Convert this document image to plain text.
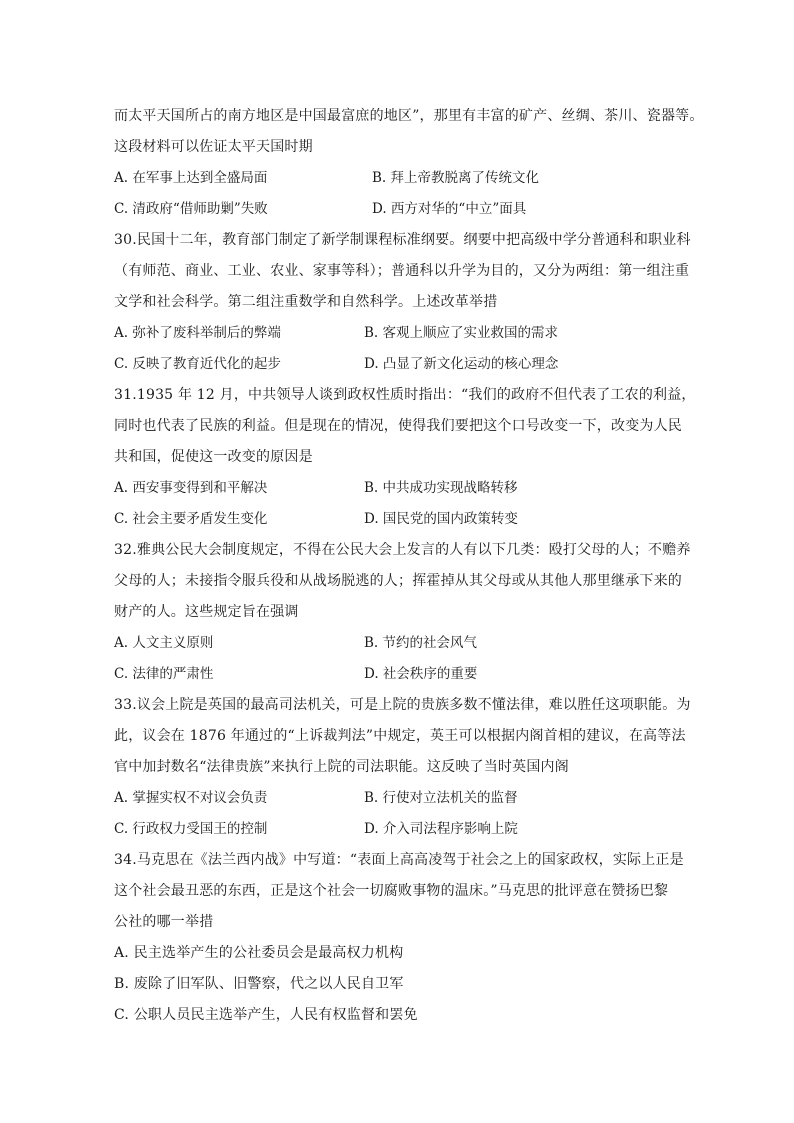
而太平天国所占的南方地区是中国最富庶的地区”，那里有丰富的矿产、丝绸、茶川、瓷器等。
这段材料可以佐证太平天国时期
A. 在军事上达到全盛局面	B. 拜上帝教脱离了传统文化
C. 清政府“借师助剿”失败	D. 西方对华的“中立”面具
30.民国十二年，教育部门制定了新学制课程标准纲要。纲要中把高级中学分普通科和职业科
（有师范、商业、工业、农业、家事等科）；普通科以升学为目的，又分为两组：第一组注重
文学和社会科学。第二组注重数学和自然科学。上述改革举措
A. 弥补了废科举制后的弊端	B. 客观上顺应了实业救国的需求
C. 反映了教育近代化的起步	D. 凸显了新文化运动的核心理念
31.1935 年 12 月，中共领导人谈到政权性质时指出：“我们的政府不但代表了工农的利益，
同时也代表了民族的利益。但是现在的情况，使得我们要把这个口号改变一下，改变为人民
共和国，促使这一改变的原因是
A. 西安事变得到和平解决	B. 中共成功实现战略转移
C. 社会主要矛盾发生变化	D. 国民党的国内政策转变
32.雅典公民大会制度规定，不得在公民大会上发言的人有以下几类：殴打父母的人；不赡养
父母的人；未接指令服兵役和从战场脱逃的人；挥霍掉从其父母或从其他人那里继承下来的
财产的人。这些规定旨在强调
A. 人文主义原则	B. 节约的社会风气
C. 法律的严肃性	D. 社会秩序的重要
33.议会上院是英国的最高司法机关，可是上院的贵族多数不懂法律，难以胜任这项职能。为
此，议会在 1876 年通过的“上诉裁判法”中规定，英王可以根据内阁首相的建议，在高等法
官中加封数名“法律贵族”来执行上院的司法职能。这反映了当时英国内阁
A. 掌握实权不对议会负责	B. 行使对立法机关的监督
C. 行政权力受国王的控制	D. 介入司法程序影响上院
34.马克思在《法兰西内战》中写道：“表面上高高凌驾于社会之上的国家政权，实际上正是
这个社会最丑恶的东西，正是这个社会一切腐败事物的温床。”马克思的批评意在赞扬巴黎
公社的哪一举措
A. 民主选举产生的公社委员会是最高权力机构
B. 废除了旧军队、旧警察，代之以人民自卫军
C. 公职人员民主选举产生，人民有权监督和罢免
